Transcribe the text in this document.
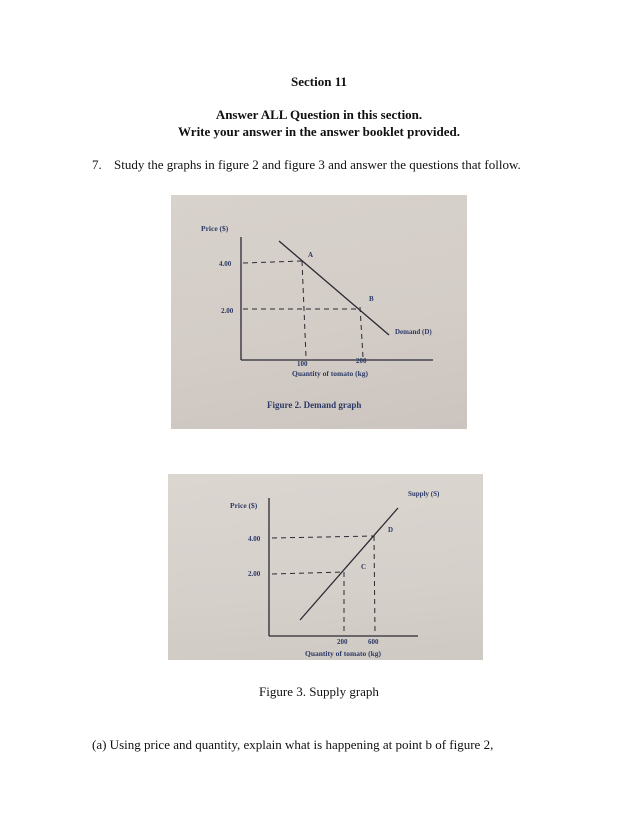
Section 11
Answer ALL Question in this section.
Write your answer in the answer booklet provided.
7. Study the graphs in figure 2 and figure 3 and answer the questions that follow.
Price ($)
4.00
2.00
A
B
Demand (D)
100	200
Quantity of tomato (kg)
Figure 2. Demand graph
Supply (S)
Price ($)
D
4.00
C
2.00
200	600
Quantity of tomato (kg)
Figure 3. Supply graph
(a) Using price and quantity, explain what is happening at point b of figure 2,
